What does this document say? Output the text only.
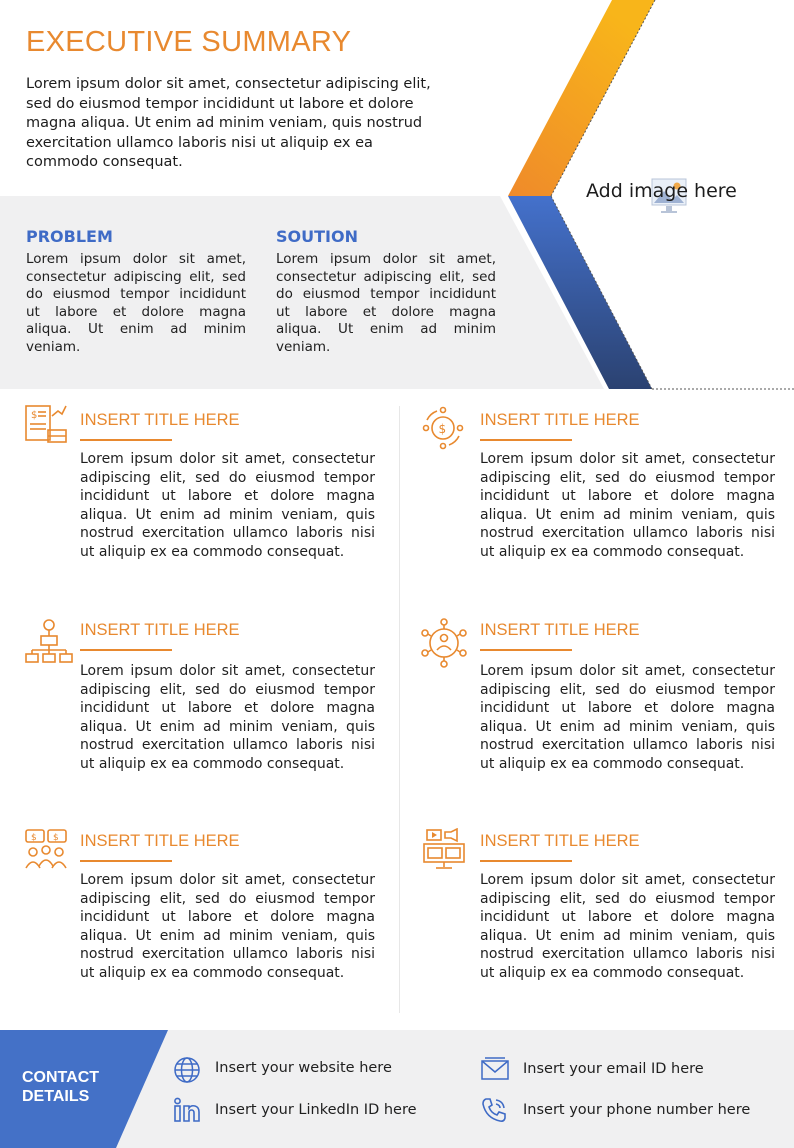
EXECUTIVE SUMMARY

Lorem ipsum dolor sit amet, consectetur adipiscing elit, sed do eiusmod tempor incididunt ut labore et dolore magna aliqua. Ut enim ad minim veniam, quis nostrud exercitation ullamco laboris nisi ut aliquip ex ea commodo consequat.

Add image here
PROBLEM

Lorem ipsum dolor sit amet, consectetur adipiscing elit, sed do eiusmod tempor incididunt ut labore et dolore magna aliqua. Ut enim ad minim veniam.

SOUTION

Lorem ipsum dolor sit amet, consectetur adipiscing elit, sed do eiusmod tempor incididunt ut labore et dolore magna aliqua. Ut enim ad minim veniam.

$	INSERT TITLE HERE

Lorem ipsum dolor sit amet, consectetur adipiscing elit, sed do eiusmod tempor incididunt ut labore et dolore magna aliqua. Ut enim ad minim veniam, quis nostrud exercitation ullamco laboris nisi ut aliquip ex ea commodo consequat.

$ INSERT TITLE HERE

Lorem ipsum dolor sit amet, consectetur adipiscing elit, sed do eiusmod tempor incididunt ut labore et dolore magna aliqua. Ut enim ad minim veniam, quis nostrud exercitation ullamco laboris nisi ut aliquip ex ea commodo consequat.

INSERT TITLE HERE

Lorem ipsum dolor sit amet, consectetur adipiscing elit, sed do eiusmod tempor incididunt ut labore et dolore magna aliqua. Ut enim ad minim veniam, quis nostrud exercitation ullamco laboris nisi ut aliquip ex ea commodo consequat.

INSERT TITLE HERE

Lorem ipsum dolor sit amet, consectetur adipiscing elit, sed do eiusmod tempor incididunt ut labore et dolore magna aliqua. Ut enim ad minim veniam, quis nostrud exercitation ullamco laboris nisi ut aliquip ex ea commodo consequat.

$ $ INSERT TITLE HERE

Lorem ipsum dolor sit amet, consectetur adipiscing elit, sed do eiusmod tempor incididunt ut labore et dolore magna aliqua. Ut enim ad minim veniam, quis nostrud exercitation ullamco laboris nisi ut aliquip ex ea commodo consequat.

INSERT TITLE HERE

Lorem ipsum dolor sit amet, consectetur adipiscing elit, sed do eiusmod tempor incididunt ut labore et dolore magna aliqua. Ut enim ad minim veniam, quis nostrud exercitation ullamco laboris nisi ut aliquip ex ea commodo consequat.

CONTACT
DETAILS
Insert your website here
Insert your LinkedIn ID here
Insert your email ID here
Insert your phone number here
